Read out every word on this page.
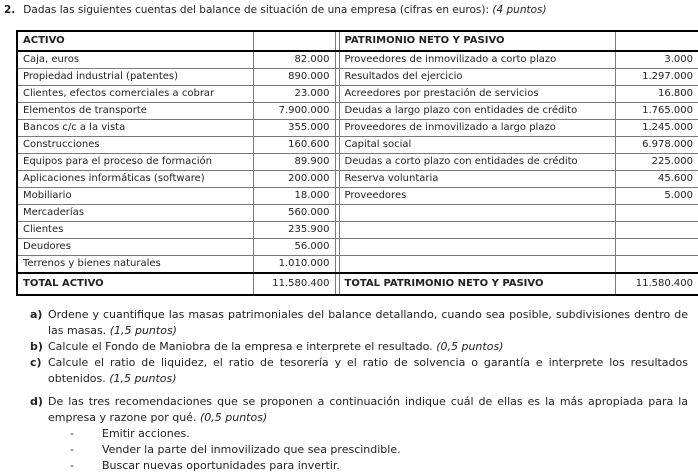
2. Dadas las siguientes cuentas del balance de situación de una empresa (cifras en euros): (4 puntos)
ACTIVO			PATRIMONIO NETO Y PASIVO	
Caja, euros	82.000		Proveedores de inmovilizado a corto plazo	3.000
Propiedad industrial (patentes)	890.000		Resultados del ejercicio	1.297.000
Clientes, efectos comerciales a cobrar	23.000		Acreedores por prestación de servicios	16.800
Elementos de transporte	7.900.000		Deudas a largo plazo con entidades de crédito	1.765.000
Bancos c/c a la vista	355.000		Proveedores de inmovilizado a largo plazo	1.245.000
Construcciones	160.600		Capital social	6.978.000
Equipos para el proceso de formación	89.900		Deudas a corto plazo con entidades de crédito	225.000
Aplicaciones informáticas (software)	200.000		Reserva voluntaria	45.600
Mobiliario	18.000		Proveedores	5.000
Mercaderías	560.000			
Clientes	235.900			
Deudores	56.000			
Terrenos y bienes naturales	1.010.000			
TOTAL ACTIVO	11.580.400		TOTAL PATRIMONIO NETO Y PASIVO	11.580.400
a) Ordene y cuantifique las masas patrimoniales del balance detallando, cuando sea posible, subdivisiones dentro de las masas. (1,5 puntos)
b) Calcule el Fondo de Maniobra de la empresa e interprete el resultado. (0,5 puntos)
c) Calcule el ratio de liquidez, el ratio de tesorería y el ratio de solvencia o garantía e interprete los resultados obtenidos. (1,5 puntos)
d) De las tres recomendaciones que se proponen a continuación indique cuál de ellas es la más apropiada para la empresa y razone por qué. (0,5 puntos)
-	Emitir acciones.
-	Vender la parte del inmovilizado que sea prescindible.
-	Buscar nuevas oportunidades para invertir.
